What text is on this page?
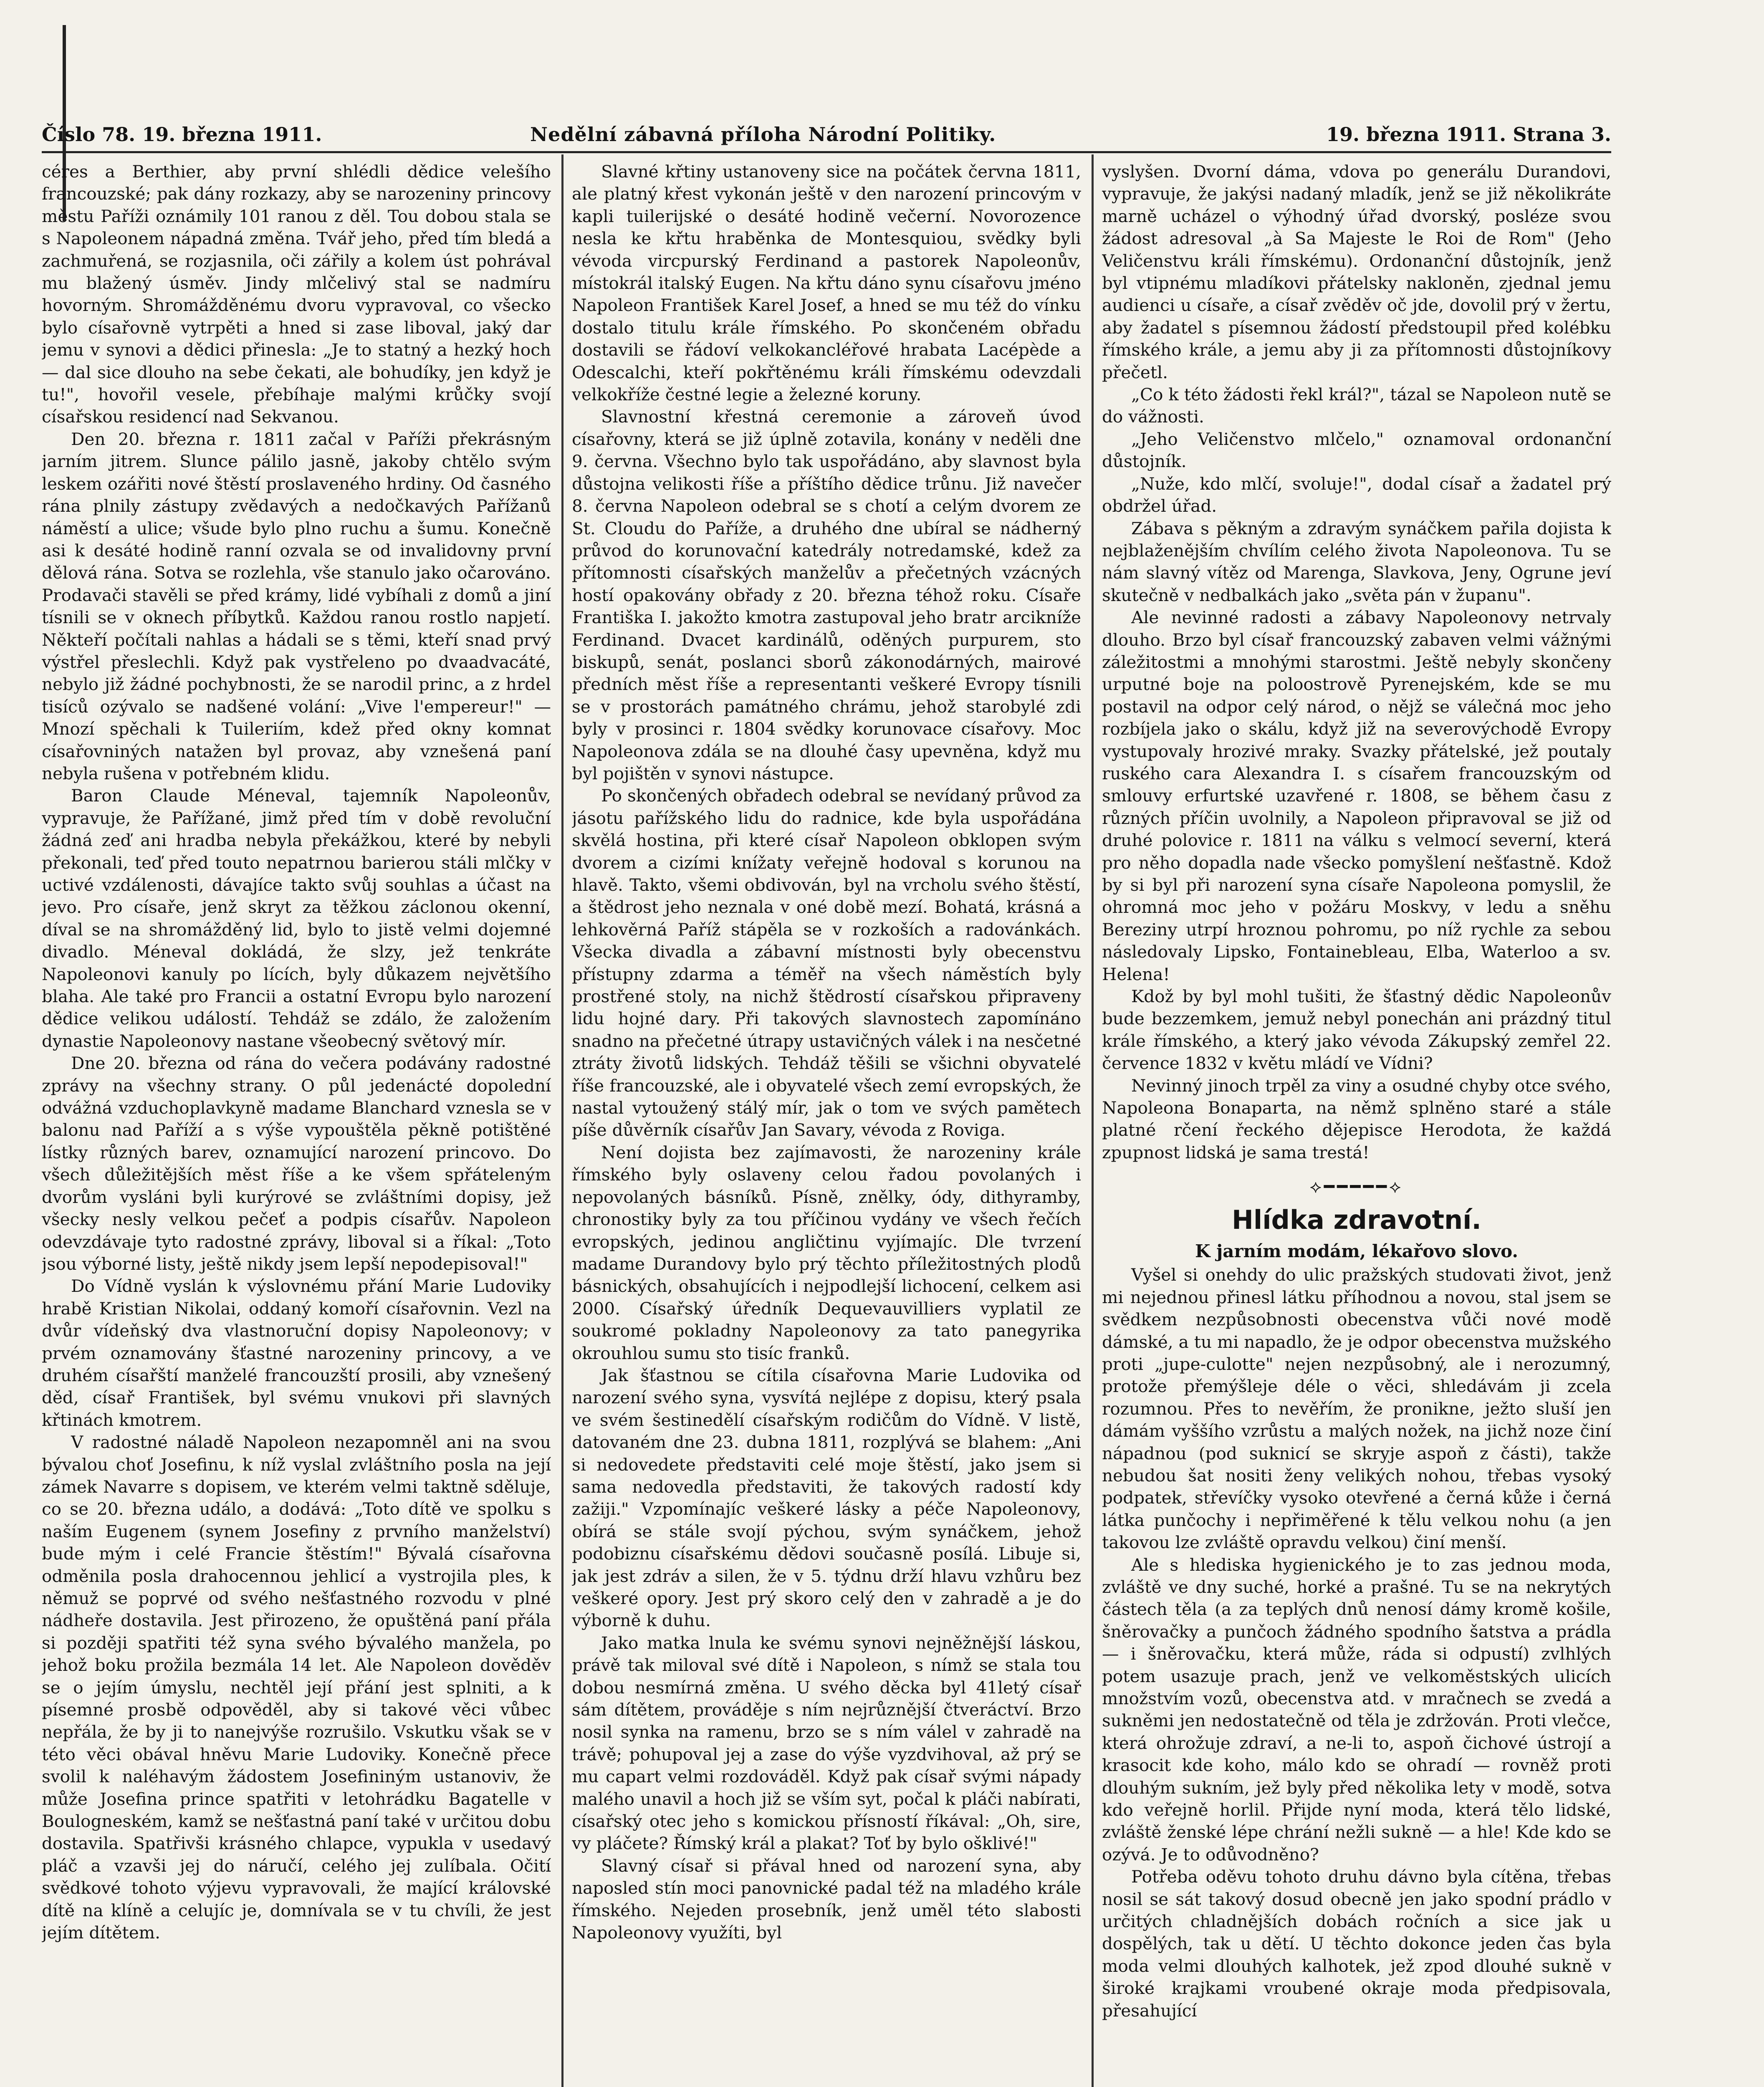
Číslo 78. 19. března 1911.	Nedělní zábavná příloha Národní Politiky.	19. března 1911. Strana 3.

céres a Berthier, aby první shlédli dědice velešího francouzské; pak dány rozkazy, aby se narozeniny princovy městu Paříži oznámily 101 ranou z děl. Tou dobou stala se s Napoleonem nápadná změna. Tvář jeho, před tím bledá a zachmuřená, se rozjasnila, oči zářily a kolem úst pohrával mu blažený úsměv. Jindy mlčelivý stal se nadmíru hovorným. Shromážděnému dvoru vypravoval, co všecko bylo císařovně vytrpěti a hned si zase liboval, jaký dar jemu v synovi a dědici přinesla: „Je to statný a hezký hoch — dal sice dlouho na sebe čekati, ale bohudíky, jen když je tu!", hovořil vesele, přebíhaje malými krůčky svojí císařskou residencí nad Sekvanou.

Den 20. března r. 1811 začal v Paříži překrásným jarním jitrem. Slunce pálilo jasně, jakoby chtělo svým leskem ozářiti nové štěstí proslaveného hrdiny. Od časného rána plnily zástupy zvědavých a nedočkavých Pařížanů náměstí a ulice; všude bylo plno ruchu a šumu. Konečně asi k desáté hodině ranní ozvala se od invalidovny první dělová rána. Sotva se rozlehla, vše stanulo jako očarováno. Prodavači stavěli se před krámy, lidé vybíhali z domů a jiní tísnili se v oknech příbytků. Každou ranou rostlo napjetí. Někteří počítali nahlas a hádali se s těmi, kteří snad prvý výstřel přeslechli. Když pak vystřeleno po dvaadvacáté, nebylo již žádné pochybnosti, že se narodil princ, a z hrdel tisíců ozývalo se nadšené volání: „Vive l'empereur!" — Mnozí spěchali k Tuileriím, kdež před okny komnat císařovniných natažen byl provaz, aby vznešená paní nebyla rušena v potřebném klidu.

Baron Claude Méneval, tajemník Napoleonův, vypravuje, že Pařížané, jimž před tím v době revoluční žádná zeď ani hradba nebyla překážkou, které by nebyli překonali, teď před touto nepatrnou barierou stáli mlčky v uctivé vzdálenosti, dávajíce takto svůj souhlas a účast na jevo. Pro císaře, jenž skryt za těžkou záclonou okenní, díval se na shromážděný lid, bylo to jistě velmi dojemné divadlo. Méneval dokládá, že slzy, jež tenkráte Napoleonovi kanuly po lících, byly důkazem největšího blaha. Ale také pro Francii a ostatní Evropu bylo narození dědice velikou událostí. Tehdáž se zdálo, že založením dynastie Napoleonovy nastane všeobecný světový mír.

Dne 20. března od rána do večera podávány radostné zprávy na všechny strany. O půl jedenácté dopolední odvážná vzduchoplavkyně madame Blanchard vznesla se v balonu nad Paříží a s výše vypouštěla pěkně potištěné lístky různých barev, oznamující narození princovo. Do všech důležitějších měst říše a ke všem spřáteleným dvorům vysláni byli kurýrové se zvláštními dopisy, jež všecky nesly velkou pečeť a podpis císařův. Napoleon odevzdávaje tyto radostné zprávy, liboval si a říkal: „Toto jsou výborné listy, ještě nikdy jsem lepší nepodepisoval!"

Do Vídně vyslán k výslovnému přání Marie Ludoviky hrabě Kristian Nikolai, oddaný komoří císařovnin. Vezl na dvůr vídeňský dva vlastnoruční dopisy Napoleonovy; v prvém oznamovány šťastné narozeniny princovy, a ve druhém císařští manželé francouzští prosili, aby vznešený děd, císař František, byl svému vnukovi při slavných křtinách kmotrem.

V radostné náladě Napoleon nezapomněl ani na svou bývalou choť Josefinu, k níž vyslal zvláštního posla na její zámek Navarre s dopisem, ve kterém velmi taktně sděluje, co se 20. března událo, a dodává: „Toto dítě ve spolku s naším Eugenem (synem Josefiny z prvního manželství) bude mým i celé Francie štěstím!" Bývalá císařovna odměnila posla drahocennou jehlicí a vystrojila ples, k němuž se poprvé od svého nešťastného rozvodu v plné nádheře dostavila. Jest přirozeno, že opuštěná paní přála si později spatřiti též syna svého bývalého manžela, po jehož boku prožila bezmála 14 let. Ale Napoleon dověděv se o jejím úmyslu, nechtěl její přání jest splniti, a k písemné prosbě odpověděl, aby si takové věci vůbec nepřála, že by ji to nanejvýše rozrušilo. Vskutku však se v této věci obával hněvu Marie Ludoviky. Konečně přece svolil k naléhavým žádostem Josefininým ustanoviv, že může Josefina prince spatřiti v letohrádku Bagatelle v Boulogneském, kamž se nešťastná paní také v určitou dobu dostavila. Spatřivši krásného chlapce, vypukla v usedavý pláč a vzavši jej do náručí, celého jej zulíbala. Očití svědkové tohoto výjevu vypravovali, že mající královské dítě na klíně a celujíc je, domnívala se v tu chvíli, že jest jejím dítětem.

Slavné křtiny ustanoveny sice na počátek června 1811, ale platný křest vykonán ještě v den narození princovým v kapli tuilerijské o desáté hodině večerní. Novorozence nesla ke křtu hraběnka de Montesquiou, svědky byli vévoda vircpurský Ferdinand a pastorek Napoleonův, místokrál italský Eugen. Na křtu dáno synu císařovu jméno Napoleon František Karel Josef, a hned se mu též do vínku dostalo titulu krále římského. Po skončeném obřadu dostavili se řádoví velkokancléřové hrabata Lacépède a Odescalchi, kteří pokřtěnému králi římskému odevzdali velkokříže čestné legie a železné koruny.

Slavnostní křestná ceremonie a zároveň úvod císařovny, která se již úplně zotavila, konány v neděli dne 9. června. Všechno bylo tak uspořádáno, aby slavnost byla důstojna velikosti říše a příštího dědice trůnu. Již navečer 8. června Napoleon odebral se s chotí a celým dvorem ze St. Cloudu do Paříže, a druhého dne ubíral se nádherný průvod do korunovační katedrály notredamské, kdež za přítomnosti císařských manželův a přečetných vzácných hostí opakovány obřady z 20. března téhož roku. Císaře Františka I. jakožto kmotra zastupoval jeho bratr arcikníže Ferdinand. Dvacet kardinálů, oděných purpurem, sto biskupů, senát, poslanci sborů zákonodárných, mairové předních měst říše a representanti veškeré Evropy tísnili se v prostorách památného chrámu, jehož starobylé zdi byly v prosinci r. 1804 svědky korunovace císařovy. Moc Napoleonova zdála se na dlouhé časy upevněna, když mu byl pojištěn v synovi nástupce.

Po skončených obřadech odebral se nevídaný průvod za jásotu pařížského lidu do radnice, kde byla uspořádána skvělá hostina, při které císař Napoleon obklopen svým dvorem a cizími knížaty veřejně hodoval s korunou na hlavě. Takto, všemi obdivován, byl na vrcholu svého štěstí, a štědrost jeho neznala v oné době mezí. Bohatá, krásná a lehkověrná Paříž stápěla se v rozkoších a radovánkách. Všecka divadla a zábavní místnosti byly obecenstvu přístupny zdarma a téměř na všech náměstích byly prostřené stoly, na nichž štědrostí císařskou připraveny lidu hojné dary. Při takových slavnostech zapomínáno snadno na přečetné útrapy ustavičných válek i na nesčetné ztráty životů lidských. Tehdáž těšili se všichni obyvatelé říše francouzské, ale i obyvatelé všech zemí evropských, že nastal vytoužený stálý mír, jak o tom ve svých pamětech píše důvěrník císařův Jan Savary, vévoda z Roviga.

Není dojista bez zajímavosti, že narozeniny krále římského byly oslaveny celou řadou povolaných i nepovolaných básníků. Písně, znělky, ódy, dithyramby, chronostiky byly za tou příčinou vydány ve všech řečích evropských, jedinou angličtinu vyjímajíc. Dle tvrzení madame Durandovy bylo prý těchto příležitostných plodů básnických, obsahujících i nejpodlejší lichocení, celkem asi 2000. Císařský úředník Dequevauvilliers vyplatil ze soukromé pokladny Napoleonovy za tato panegyrika okrouhlou sumu sto tisíc franků.

Jak šťastnou se cítila císařovna Marie Ludovika od narození svého syna, vysvítá nejlépe z dopisu, který psala ve svém šestinedělí císařským rodičům do Vídně. V listě, datovaném dne 23. dubna 1811, rozplývá se blahem: „Ani si nedovedete představiti celé moje štěstí, jako jsem si sama nedovedla představiti, že takových radostí kdy zažiji." Vzpomínajíc veškeré lásky a péče Napoleonovy, obírá se stále svojí pýchou, svým synáčkem, jehož podobiznu císařskému dědovi současně posílá. Libuje si, jak jest zdráv a silen, že v 5. týdnu drží hlavu vzhůru bez veškeré opory. Jest prý skoro celý den v zahradě a je do výborně k duhu.

Jako matka lnula ke svému synovi nejněžnější láskou, právě tak miloval své dítě i Napoleon, s nímž se stala tou dobou nesmírná změna. U svého děcka byl 41letý císař sám dítětem, prováděje s ním nejrůznější čtveráctví. Brzo nosil synka na ramenu, brzo se s ním válel v zahradě na trávě; pohupoval jej a zase do výše vyzdvihoval, až prý se mu capart velmi rozdováděl. Když pak císař svými nápady malého unavil a hoch již se vším syt, počal k pláči nabírati, císařský otec jeho s komickou přísností říkával: „Oh, sire, vy pláčete? Římský král a plakat? Toť by bylo ošklivé!"

Slavný císař si přával hned od narození syna, aby naposled stín moci panovnické padal též na mladého krále římského. Nejeden prosebník, jenž uměl této slabosti Napoleonovy využíti, byl

vyslyšen. Dvorní dáma, vdova po generálu Durandovi, vypravuje, že jakýsi nadaný mladík, jenž se již několikráte marně ucházel o výhodný úřad dvorský, posléze svou žádost adresoval „à Sa Majeste le Roi de Rom" (Jeho Veličenstvu králi římskému). Ordonanční důstojník, jenž byl vtipnému mladíkovi přátelsky nakloněn, zjednal jemu audienci u císaře, a císař zvěděv oč jde, dovolil prý v žertu, aby žadatel s písemnou žádostí předstoupil před kolébku římského krále, a jemu aby ji za přítomnosti důstojníkovy přečetl.

„Co k této žádosti řekl král?", tázal se Napoleon nutě se do vážnosti.

„Jeho Veličenstvo mlčelo," oznamoval ordonanční důstojník.

„Nuže, kdo mlčí, svoluje!", dodal císař a žadatel prý obdržel úřad.

Zábava s pěkným a zdravým synáčkem pařila dojista k nejblaženějším chvílím celého života Napoleonova. Tu se nám slavný vítěz od Marenga, Slavkova, Jeny, Ogrune jeví skutečně v nedbalkách jako „světa pán v županu".

Ale nevinné radosti a zábavy Napoleonovy netrvaly dlouho. Brzo byl císař francouzský zabaven velmi vážnými záležitostmi a mnohými starostmi. Ještě nebyly skončeny urputné boje na poloostrově Pyrenejském, kde se mu postavil na odpor celý národ, o nějž se válečná moc jeho rozbíjela jako o skálu, když již na severovýchodě Evropy vystupovaly hrozivé mraky. Svazky přátelské, jež poutaly ruského cara Alexandra I. s císařem francouzským od smlouvy erfurtské uzavřené r. 1808, se během času z různých příčin uvolnily, a Napoleon připravoval se již od druhé polovice r. 1811 na válku s velmocí severní, která pro něho dopadla nade všecko pomyšlení nešťastně. Kdož by si byl při narození syna císaře Napoleona pomyslil, že ohromná moc jeho v požáru Moskvy, v ledu a sněhu Bereziny utrpí hroznou pohromu, po níž rychle za sebou následovaly Lipsko, Fontainebleau, Elba, Waterloo a sv. Helena!

Kdož by byl mohl tušiti, že šťastný dědic Napoleonův bude bezzemkem, jemuž nebyl ponechán ani prázdný titul krále římského, a který jako vévoda Zákupský zemřel 22. července 1832 v květu mládí ve Vídni?

Nevinný jinoch trpěl za viny a osudné chyby otce svého, Napoleona Bonaparta, na němž splněno staré a stále platné rčení řeckého dějepisce Herodota, že každá zpupnost lidská je sama trestá!

⟡━━━━━⟡
Hlídka zdravotní.
K jarním modám, lékařovo slovo.

Vyšel si onehdy do ulic pražských studovati život, jenž mi nejednou přinesl látku příhodnou a novou, stal jsem se svědkem nezpůsobnosti obecenstva vůči nové modě dámské, a tu mi napadlo, že je odpor obecenstva mužského proti „jupe-culotte" nejen nezpůsobný, ale i nerozumný, protože přemýšleje déle o věci, shledávám ji zcela rozumnou. Přes to nevěřím, že pronikne, ježto sluší jen dámám vyššího vzrůstu a malých nožek, na jichž noze činí nápadnou (pod suknicí se skryje aspoň z části), takže nebudou šat nositi ženy velikých nohou, třebas vysoký podpatek, střevíčky vysoko otevřené a černá kůže i černá látka punčochy i nepřiměřené k tělu velkou nohu (a jen takovou lze zvláště opravdu velkou) činí menší.

Ale s hlediska hygienického je to zas jednou moda, zvláště ve dny suché, horké a prašné. Tu se na nekrytých částech těla (a za teplých dnů nenosí dámy kromě košile, šněrovačky a punčoch žádného spodního šatstva a prádla — i šněrovačku, která může, ráda si odpustí) zvlhlých potem usazuje prach, jenž ve velkoměstských ulicích množstvím vozů, obecenstva atd. v mračnech se zvedá a sukněmi jen nedostatečně od těla je zdržován. Proti vlečce, která ohrožuje zdraví, a ne-li to, aspoň čichové ústrojí a krasocit kde koho, málo kdo se ohradí — rovněž proti dlouhým sukním, jež byly před několika lety v modě, sotva kdo veřejně horlil. Přijde nyní moda, která tělo lidské, zvláště ženské lépe chrání nežli sukně — a hle! Kde kdo se ozývá. Je to odůvodněno?

Potřeba oděvu tohoto druhu dávno byla cítěna, třebas nosil se sát takový dosud obecně jen jako spodní prádlo v určitých chladnějších dobách ročních a sice jak u dospělých, tak u dětí. U těchto dokonce jeden čas byla moda velmi dlouhých kalhotek, jež zpod dlouhé sukně v široké krajkami vroubené okraje moda předpisovala, přesahující
